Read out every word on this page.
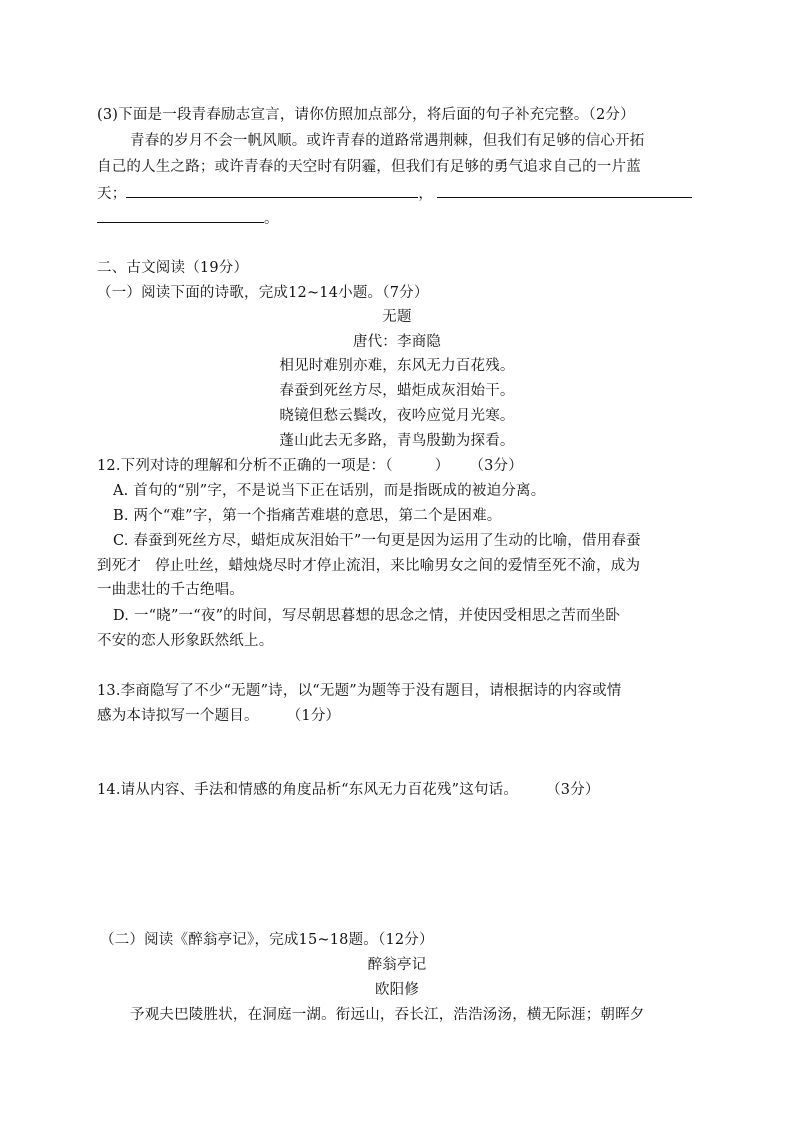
(3)下面是一段青春励志宣言，请你仿照加点部分，将后面的句子补充完整。（2分）
青春的岁月不会一帆风顺。或许青春的道路常遇荆棘，但我们有足够的信心开拓
自己的人生之路；或许青春的天空时有阴霾，但我们有足够的勇气追求自己的一片蓝
天；	，
。
二、古文阅读（19分）
（一）阅读下面的诗歌，完成12~14小题。（7分）
无题
唐代：李商隐
相见时难别亦难，东风无力百花残。
春蚕到死丝方尽，蜡炬成灰泪始干。
晓镜但愁云鬓改，夜吟应觉月光寒。
蓬山此去无多路，青鸟殷勤为探看。
12.下列对诗的理解和分析不正确的一项是：（	） （3分）
A. 首句的“别”字，不是说当下正在话别，而是指既成的被迫分离。
B. 两个“难”字，第一个指痛苦难堪的意思，第二个是困难。
C. 春蚕到死丝方尽，蜡炬成灰泪始干”一句更是因为运用了生动的比喻，借用春蚕
到死才 停止吐丝，蜡烛烧尽时才停止流泪，来比喻男女之间的爱情至死不渝，成为
一曲悲壮的千古绝唱。
D. 一“晓”一“夜”的时间，写尽朝思暮想的思念之情，并使因受相思之苦而坐卧
不安的恋人形象跃然纸上。
13.李商隐写了不少“无题”诗，以“无题”为题等于没有题目，请根据诗的内容或情
感为本诗拟写一个题目。 （1分）
14.请从内容、手法和情感的角度品析“东风无力百花残”这句话。 （3分）
（二）阅读《醉翁亭记》，完成15~18题。（12分）
醉翁亭记
欧阳修
予观夫巴陵胜状，在洞庭一湖。衔远山，吞长江，浩浩汤汤，横无际涯；朝晖夕
